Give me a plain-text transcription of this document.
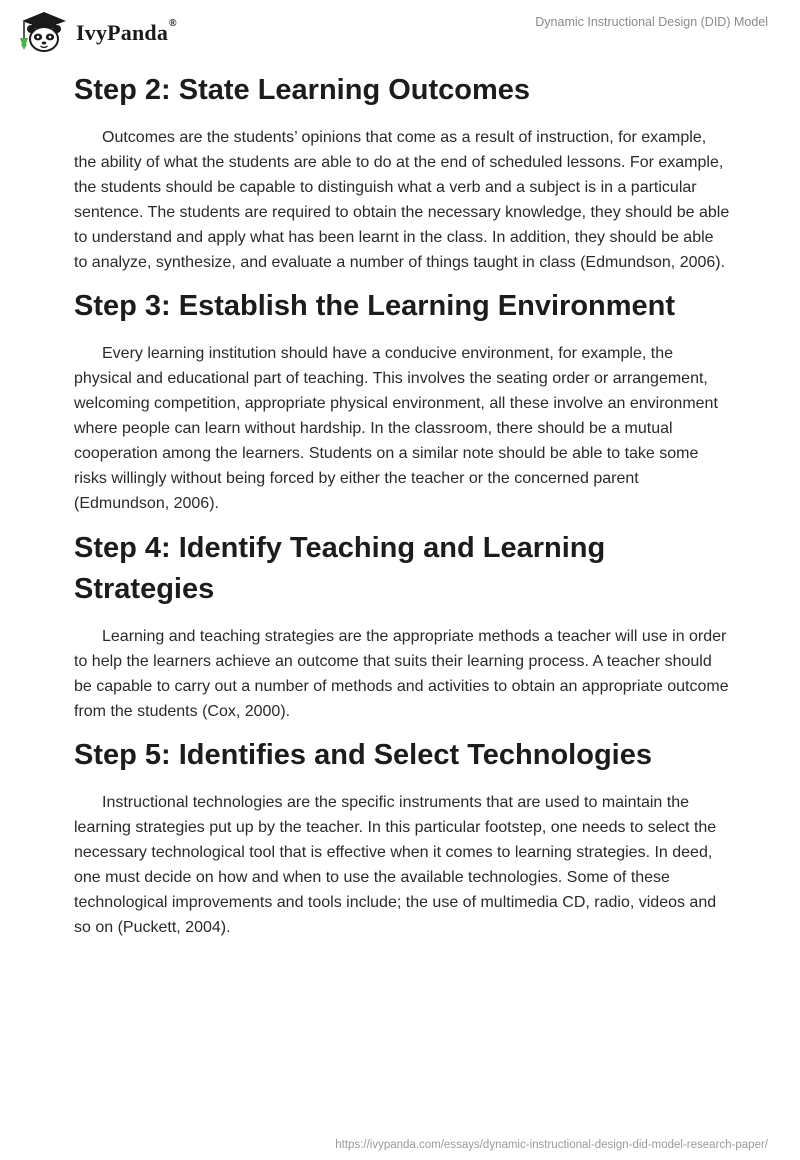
IvyPanda®	Dynamic Instructional Design (DID) Model
Step 2: State Learning Outcomes

Outcomes are the students’ opinions that come as a result of instruction, for example, the ability of what the students are able to do at the end of scheduled lessons. For example, the students should be capable to distinguish what a verb and a subject is in a particular sentence. The students are required to obtain the necessary knowledge, they should be able to understand and apply what has been learnt in the class. In addition, they should be able to analyze, synthesize, and evaluate a number of things taught in class (Edmundson, 2006).

Step 3: Establish the Learning Environment

Every learning institution should have a conducive environment, for example, the physical and educational part of teaching. This involves the seating order or arrangement, welcoming competition, appropriate physical environment, all these involve an environment where people can learn without hardship. In the classroom, there should be a mutual cooperation among the learners. Students on a similar note should be able to take some risks willingly without being forced by either the teacher or the concerned parent (Edmundson, 2006).

Step 4: Identify Teaching and Learning Strategies

Learning and teaching strategies are the appropriate methods a teacher will use in order to help the learners achieve an outcome that suits their learning process. A teacher should be capable to carry out a number of methods and activities to obtain an appropriate outcome from the students (Cox, 2000).

Step 5: Identifies and Select Technologies

Instructional technologies are the specific instruments that are used to maintain the learning strategies put up by the teacher. In this particular footstep, one needs to select the necessary technological tool that is effective when it comes to learning strategies. In deed, one must decide on how and when to use the available technologies. Some of these technological improvements and tools include; the use of multimedia CD, radio, videos and so on (Puckett, 2004).

https://ivypanda.com/essays/dynamic-instructional-design-did-model-research-paper/
